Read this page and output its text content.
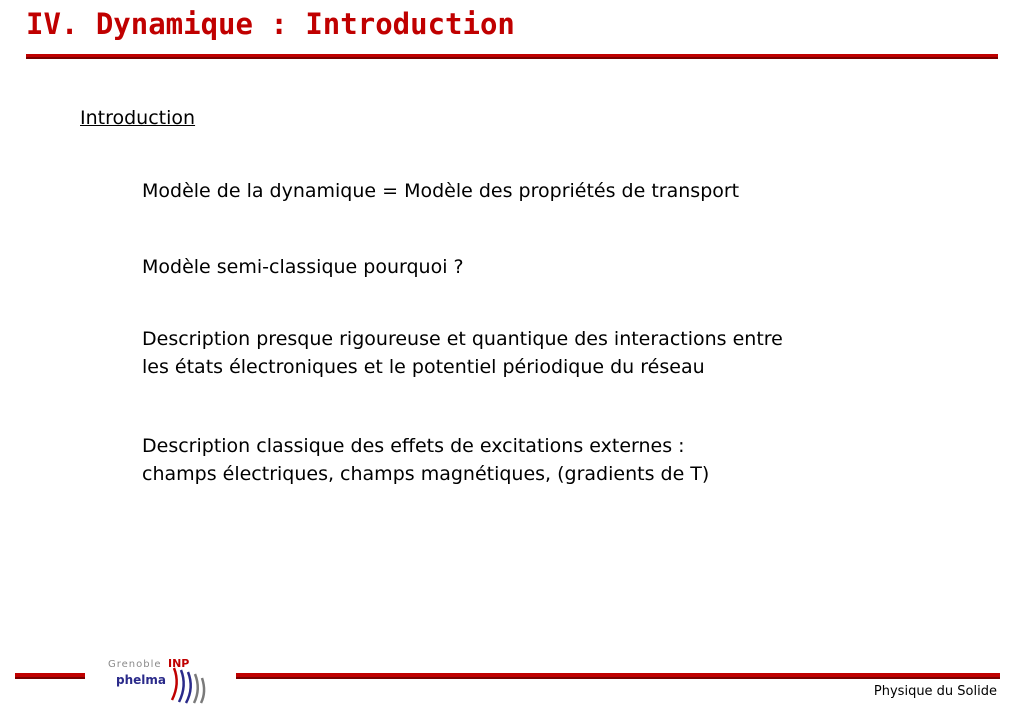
IV. Dynamique : Introduction
Introduction

Modèle de la dynamique = Modèle des propriétés de transport

Modèle semi-classique pourquoi ?

Description presque rigoureuse et quantique des interactions entre
les états électroniques et le potentiel périodique du réseau

Description classique des effets de excitations externes :
champs électriques, champs magnétiques, (gradients de T)

Grenoble INP
phelma

Physique du Solide
